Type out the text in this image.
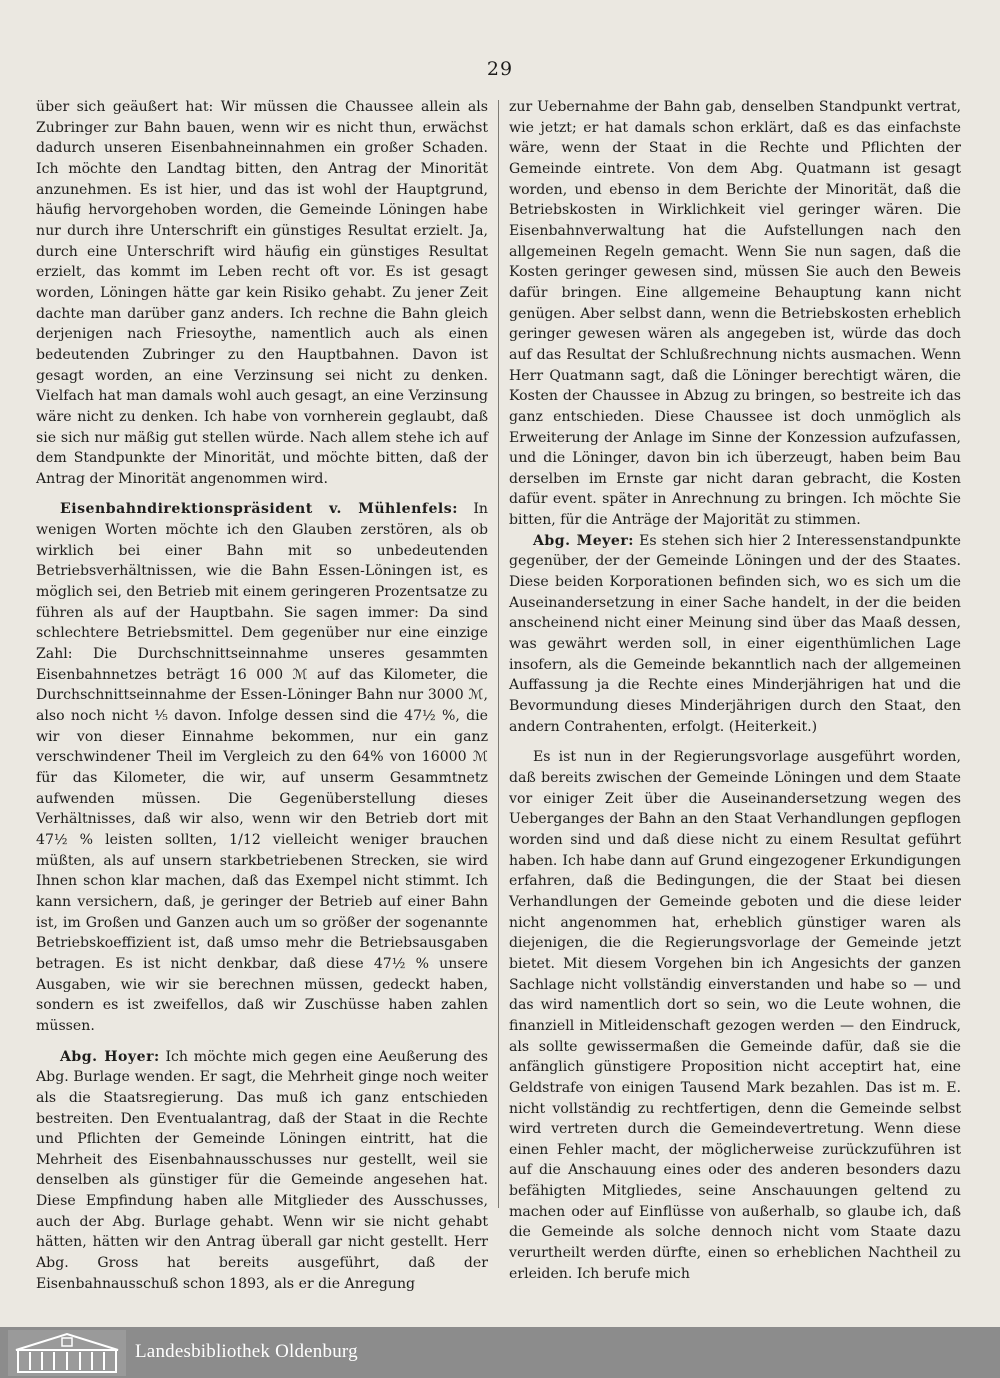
29

über sich geäußert hat: Wir müssen die Chaussee allein als Zubringer zur Bahn bauen, wenn wir es nicht thun, erwächst dadurch unseren Eisenbahneinnahmen ein großer Schaden. Ich möchte den Landtag bitten, den Antrag der Minorität anzunehmen. Es ist hier, und das ist wohl der Hauptgrund, häufig hervorgehoben worden, die Gemeinde Löningen habe nur durch ihre Unterschrift ein günstiges Resultat erzielt. Ja, durch eine Unterschrift wird häufig ein günstiges Resultat erzielt, das kommt im Leben recht oft vor. Es ist gesagt worden, Löningen hätte gar kein Risiko gehabt. Zu jener Zeit dachte man darüber ganz anders. Ich rechne die Bahn gleich derjenigen nach Friesoythe, namentlich auch als einen bedeutenden Zubringer zu den Hauptbahnen. Davon ist gesagt worden, an eine Verzinsung sei nicht zu denken. Vielfach hat man damals wohl auch gesagt, an eine Verzinsung wäre nicht zu denken. Ich habe von vornherein geglaubt, daß sie sich nur mäßig gut stellen würde. Nach allem stehe ich auf dem Standpunkte der Minorität, und möchte bitten, daß der Antrag der Minorität angenommen wird.

Eisenbahndirektionspräsident v. Mühlenfels: In wenigen Worten möchte ich den Glauben zerstören, als ob wirklich bei einer Bahn mit so unbedeutenden Betriebsverhältnissen, wie die Bahn Essen-Löningen ist, es möglich sei, den Betrieb mit einem geringeren Prozentsatze zu führen als auf der Hauptbahn. Sie sagen immer: Da sind schlechtere Betriebsmittel. Dem gegenüber nur eine einzige Zahl: Die Durchschnittseinnahme unseres gesammten Eisenbahnnetzes beträgt 16 000 ℳ auf das Kilometer, die Durchschnittseinnahme der Essen-Löninger Bahn nur 3000 ℳ, also noch nicht ⅕ davon. Infolge dessen sind die 47½ %, die wir von dieser Einnahme bekommen, nur ein ganz verschwindener Theil im Vergleich zu den 64% von 16000 ℳ für das Kilometer, die wir, auf unserm Gesammtnetz aufwenden müssen. Die Gegenüberstellung dieses Verhältnisses, daß wir also, wenn wir den Betrieb dort mit 47½ % leisten sollten, 1/12 vielleicht weniger brauchen müßten, als auf unsern starkbetriebenen Strecken, sie wird Ihnen schon klar machen, daß das Exempel nicht stimmt. Ich kann versichern, daß, je geringer der Betrieb auf einer Bahn ist, im Großen und Ganzen auch um so größer der sogenannte Betriebskoeffizient ist, daß umso mehr die Betriebsausgaben betragen. Es ist nicht denkbar, daß diese 47½ % unsere Ausgaben, wie wir sie berechnen müssen, gedeckt haben, sondern es ist zweifellos, daß wir Zuschüsse haben zahlen müssen.

Abg. Hoyer: Ich möchte mich gegen eine Aeußerung des Abg. Burlage wenden. Er sagt, die Mehrheit ginge noch weiter als die Staatsregierung. Das muß ich ganz entschieden bestreiten. Den Eventualantrag, daß der Staat in die Rechte und Pflichten der Gemeinde Löningen eintritt, hat die Mehrheit des Eisenbahnausschusses nur gestellt, weil sie denselben als günstiger für die Gemeinde angesehen hat. Diese Empfindung haben alle Mitglieder des Ausschusses, auch der Abg. Burlage gehabt. Wenn wir sie nicht gehabt hätten, hätten wir den Antrag überall gar nicht gestellt. Herr Abg. Gross hat bereits ausgeführt, daß der Eisenbahnausschuß schon 1893, als er die Anregung

zur Uebernahme der Bahn gab, denselben Standpunkt vertrat, wie jetzt; er hat damals schon erklärt, daß es das einfachste wäre, wenn der Staat in die Rechte und Pflichten der Gemeinde eintrete. Von dem Abg. Quatmann ist gesagt worden, und ebenso in dem Berichte der Minorität, daß die Betriebskosten in Wirklichkeit viel geringer wären. Die Eisenbahnverwaltung hat die Aufstellungen nach den allgemeinen Regeln gemacht. Wenn Sie nun sagen, daß die Kosten geringer gewesen sind, müssen Sie auch den Beweis dafür bringen. Eine allgemeine Behauptung kann nicht genügen. Aber selbst dann, wenn die Betriebskosten erheblich geringer gewesen wären als angegeben ist, würde das doch auf das Resultat der Schlußrechnung nichts ausmachen. Wenn Herr Quatmann sagt, daß die Löninger berechtigt wären, die Kosten der Chaussee in Abzug zu bringen, so bestreite ich das ganz entschieden. Diese Chaussee ist doch unmöglich als Erweiterung der Anlage im Sinne der Konzession aufzufassen, und die Löninger, davon bin ich überzeugt, haben beim Bau derselben im Ernste gar nicht daran gebracht, die Kosten dafür event. später in Anrechnung zu bringen. Ich möchte Sie bitten, für die Anträge der Majorität zu stimmen.

Abg. Meyer: Es stehen sich hier 2 Interessenstandpunkte gegenüber, der der Gemeinde Löningen und der des Staates. Diese beiden Korporationen befinden sich, wo es sich um die Auseinandersetzung in einer Sache handelt, in der die beiden anscheinend nicht einer Meinung sind über das Maaß dessen, was gewährt werden soll, in einer eigenthümlichen Lage insofern, als die Gemeinde bekanntlich nach der allgemeinen Auffassung ja die Rechte eines Minderjährigen hat und die Bevormundung dieses Minderjährigen durch den Staat, den andern Contrahenten, erfolgt. (Heiterkeit.)

Es ist nun in der Regierungsvorlage ausgeführt worden, daß bereits zwischen der Gemeinde Löningen und dem Staate vor einiger Zeit über die Auseinandersetzung wegen des Ueberganges der Bahn an den Staat Verhandlungen gepflogen worden sind und daß diese nicht zu einem Resultat geführt haben. Ich habe dann auf Grund eingezogener Erkundigungen erfahren, daß die Bedingungen, die der Staat bei diesen Verhandlungen der Gemeinde geboten und die diese leider nicht angenommen hat, erheblich günstiger waren als diejenigen, die die Regierungsvorlage der Gemeinde jetzt bietet. Mit diesem Vorgehen bin ich Angesichts der ganzen Sachlage nicht vollständig einverstanden und habe so — und das wird namentlich dort so sein, wo die Leute wohnen, die finanziell in Mitleidenschaft gezogen werden — den Eindruck, als sollte gewissermaßen die Gemeinde dafür, daß sie die anfänglich günstigere Proposition nicht acceptirt hat, eine Geldstrafe von einigen Tausend Mark bezahlen. Das ist m. E. nicht vollständig zu rechtfertigen, denn die Gemeinde selbst wird vertreten durch die Gemeindevertretung. Wenn diese einen Fehler macht, der möglicherweise zurückzuführen ist auf die Anschauung eines oder des anderen besonders dazu befähigten Mitgliedes, seine Anschauungen geltend zu machen oder auf Einflüsse von außerhalb, so glaube ich, daß die Gemeinde als solche dennoch nicht vom Staate dazu verurtheilt werden dürfte, einen so erheblichen Nachtheil zu erleiden. Ich berufe mich

Landesbibliothek Oldenburg
